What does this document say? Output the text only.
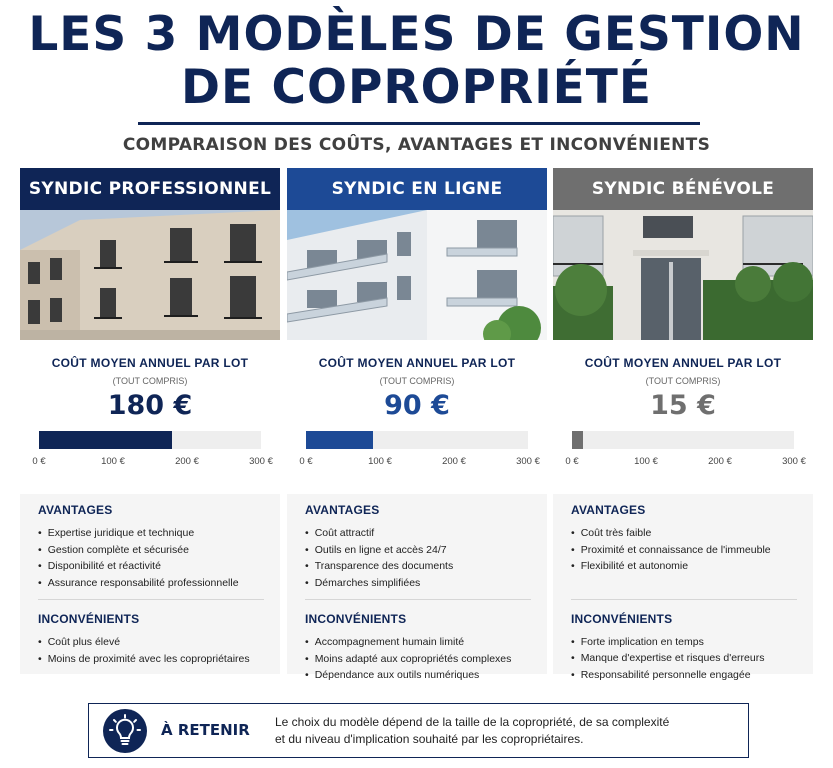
LES 3 MODÈLES DE GESTION
DE COPROPRIÉTÉ
COMPARAISON DES COÛTS, AVANTAGES ET INCONVÉNIENTS
SYNDIC PROFESSIONNEL
COÛT MOYEN ANNUEL PAR LOT
(TOUT COMPRIS)
180 €
0 €	100 €	200 €	300 €
AVANTAGES
• Expertise juridique et technique
• Gestion complète et sécurisée
• Disponibilité et réactivité
• Assurance responsabilité professionnelle
INCONVÉNIENTS
• Coût plus élevé
• Moins de proximité avec les copropriétaires
SYNDIC EN LIGNE
COÛT MOYEN ANNUEL PAR LOT
(TOUT COMPRIS)
90 €
0 €	100 €	200 €	300 €
AVANTAGES
• Coût attractif
• Outils en ligne et accès 24/7
• Transparence des documents
• Démarches simplifiées
INCONVÉNIENTS
• Accompagnement humain limité
• Moins adapté aux copropriétés complexes
• Dépendance aux outils numériques
SYNDIC BÉNÉVOLE
COÛT MOYEN ANNUEL PAR LOT
(TOUT COMPRIS)
15 €
0 €	100 €	200 €	300 €
AVANTAGES
• Coût très faible
• Proximité et connaissance de l'immeuble
• Flexibilité et autonomie
INCONVÉNIENTS
• Forte implication en temps
• Manque d'expertise et risques d'erreurs
• Responsabilité personnelle engagée
À RETENIR Le choix du modèle dépend de la taille de la copropriété, de sa complexité
et du niveau d'implication souhaité par les copropriétaires.
